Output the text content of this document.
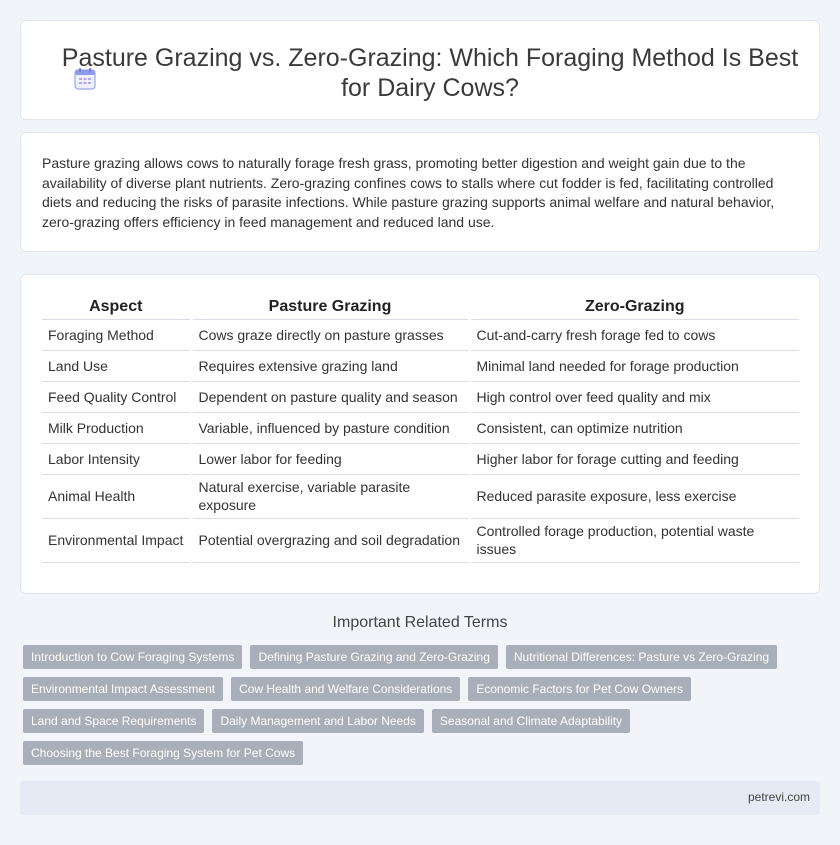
Pasture Grazing vs. Zero-Grazing: Which Foraging Method Is Best for Dairy Cows?

Pasture grazing allows cows to naturally forage fresh grass, promoting better digestion and weight gain due to the availability of diverse plant nutrients. Zero-grazing confines cows to stalls where cut fodder is fed, facilitating controlled diets and reducing the risks of parasite infections. While pasture grazing supports animal welfare and natural behavior, zero-grazing offers efficiency in feed management and reduced land use.

Aspect	Pasture Grazing	Zero-Grazing
Foraging Method	Cows graze directly on pasture grasses	Cut-and-carry fresh forage fed to cows
Land Use	Requires extensive grazing land	Minimal land needed for forage production
Feed Quality Control	Dependent on pasture quality and season	High control over feed quality and mix
Milk Production	Variable, influenced by pasture condition	Consistent, can optimize nutrition
Labor Intensity	Lower labor for feeding	Higher labor for forage cutting and feeding
Animal Health	Natural exercise, variable parasite exposure	Reduced parasite exposure, less exercise
Environmental Impact	Potential overgrazing and soil degradation	Controlled forage production, potential waste issues
Important Related Terms
Introduction to Cow Foraging Systems	Defining Pasture Grazing and Zero-Grazing	Nutritional Differences: Pasture vs Zero-Grazing
Environmental Impact Assessment	Cow Health and Welfare Considerations	Economic Factors for Pet Cow Owners
Land and Space Requirements	Daily Management and Labor Needs	Seasonal and Climate Adaptability
Choosing the Best Foraging System for Pet Cows
petrevi.com
